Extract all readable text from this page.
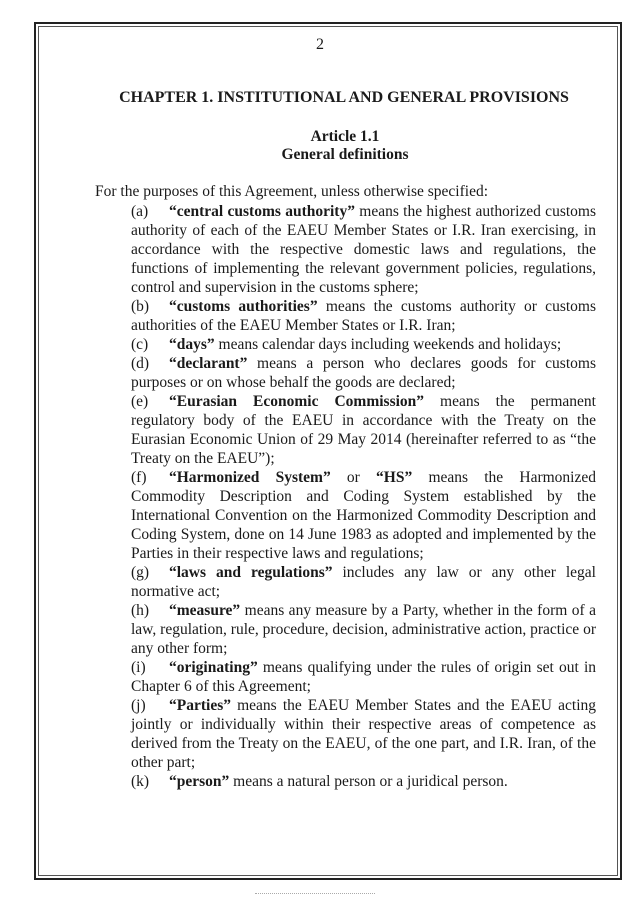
2
CHAPTER 1. INSTITUTIONAL AND GENERAL PROVISIONS
Article 1.1
General definitions
For the purposes of this Agreement, unless otherwise specified:

(a) “central customs authority” means the highest authorized customs authority of each of the EAEU Member States or I.R. Iran exercising, in accordance with the respective domestic laws and regulations, the functions of implementing the relevant government policies, regulations, control and supervision in the customs sphere;

(b) “customs authorities” means the customs authority or customs authorities of the EAEU Member States or I.R. Iran;

(c) “days” means calendar days including weekends and holidays;

(d) “declarant” means a person who declares goods for customs purposes or on whose behalf the goods are declared;

(e) “Eurasian Economic Commission” means the permanent regulatory body of the EAEU in accordance with the Treaty on the Eurasian Economic Union of 29 May 2014 (hereinafter referred to as “the Treaty on the EAEU”);

(f) “Harmonized System” or “HS” means the Harmonized Commodity Description and Coding System established by the International Convention on the Harmonized Commodity Description and Coding System, done on 14 June 1983 as adopted and implemented by the Parties in their respective laws and regulations;

(g) “laws and regulations” includes any law or any other legal normative act;

(h) “measure” means any measure by a Party, whether in the form of a law, regulation, rule, procedure, decision, administrative action, practice or any other form;

(i) “originating” means qualifying under the rules of origin set out in Chapter 6 of this Agreement;

(j) “Parties” means the EAEU Member States and the EAEU acting jointly or individually within their respective areas of competence as derived from the Treaty on the EAEU, of the one part, and I.R. Iran, of the other part;

(k) “person” means a natural person or a juridical person.
